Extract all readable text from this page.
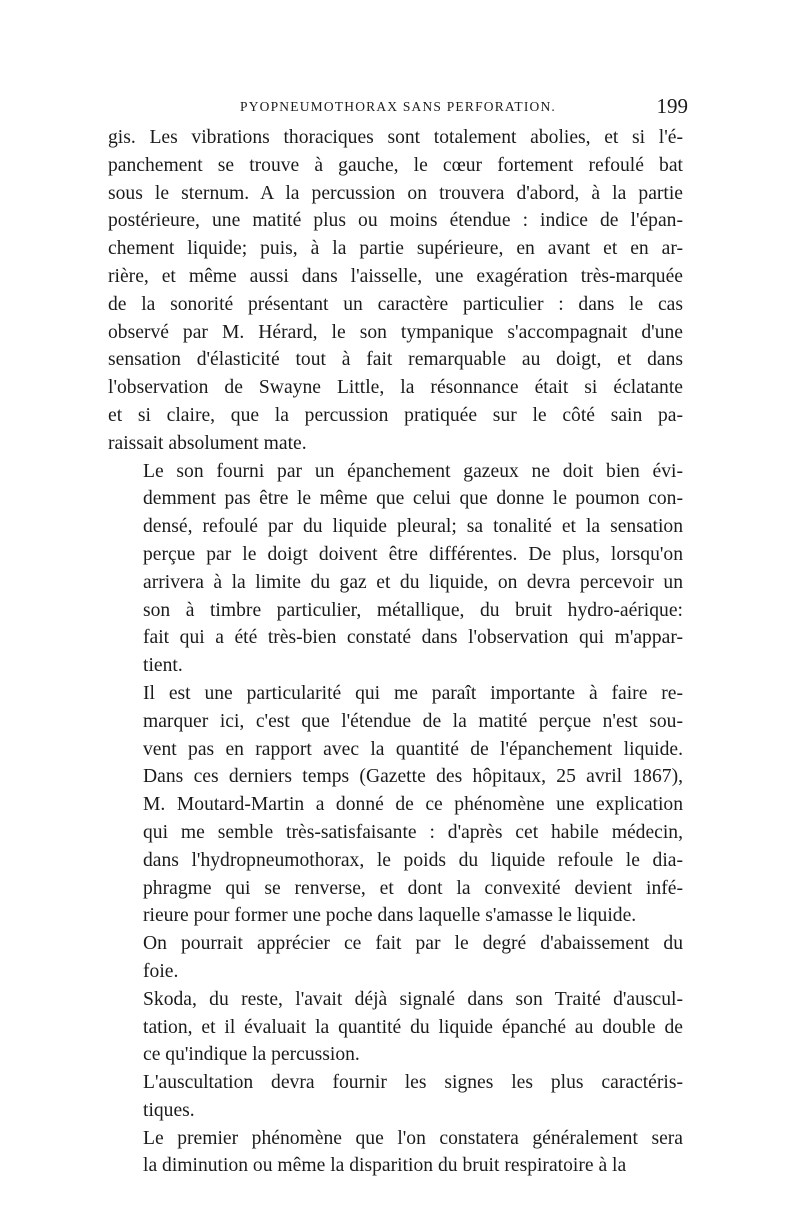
PYOPNEUMOTHORAX SANS PERFORATION.	199

gis. Les vibrations thoraciques sont totalement abolies, et si l'é-
panchement se trouve à gauche, le cœur fortement refoulé bat
sous le sternum. A la percussion on trouvera d'abord, à la partie
postérieure, une matité plus ou moins étendue : indice de l'épan-
chement liquide; puis, à la partie supérieure, en avant et en ar-
rière, et même aussi dans l'aisselle, une exagération très-marquée
de la sonorité présentant un caractère particulier : dans le cas
observé par M. Hérard, le son tympanique s'accompagnait d'une
sensation d'élasticité tout à fait remarquable au doigt, et dans
l'observation de Swayne Little, la résonnance était si éclatante
et si claire, que la percussion pratiquée sur le côté sain pa-
raissait absolument mate.

Le son fourni par un épanchement gazeux ne doit bien évi-
demment pas être le même que celui que donne le poumon con-
densé, refoulé par du liquide pleural; sa tonalité et la sensation
perçue par le doigt doivent être différentes. De plus, lorsqu'on
arrivera à la limite du gaz et du liquide, on devra percevoir un
son à timbre particulier, métallique, du bruit hydro-aérique:
fait qui a été très-bien constaté dans l'observation qui m'appar-
tient.

Il est une particularité qui me paraît importante à faire re-
marquer ici, c'est que l'étendue de la matité perçue n'est sou-
vent pas en rapport avec la quantité de l'épanchement liquide.
Dans ces derniers temps (Gazette des hôpitaux, 25 avril 1867),
M. Moutard-Martin a donné de ce phénomène une explication
qui me semble très-satisfaisante : d'après cet habile médecin,
dans l'hydropneumothorax, le poids du liquide refoule le dia-
phragme qui se renverse, et dont la convexité devient infé-
rieure pour former une poche dans laquelle s'amasse le liquide.

On pourrait apprécier ce fait par le degré d'abaissement du
foie.

Skoda, du reste, l'avait déjà signalé dans son Traité d'auscul-
tation, et il évaluait la quantité du liquide épanché au double de
ce qu'indique la percussion.

L'auscultation devra fournir les signes les plus caractéris-
tiques.

Le premier phénomène que l'on constatera généralement sera
la diminution ou même la disparition du bruit respiratoire à la
